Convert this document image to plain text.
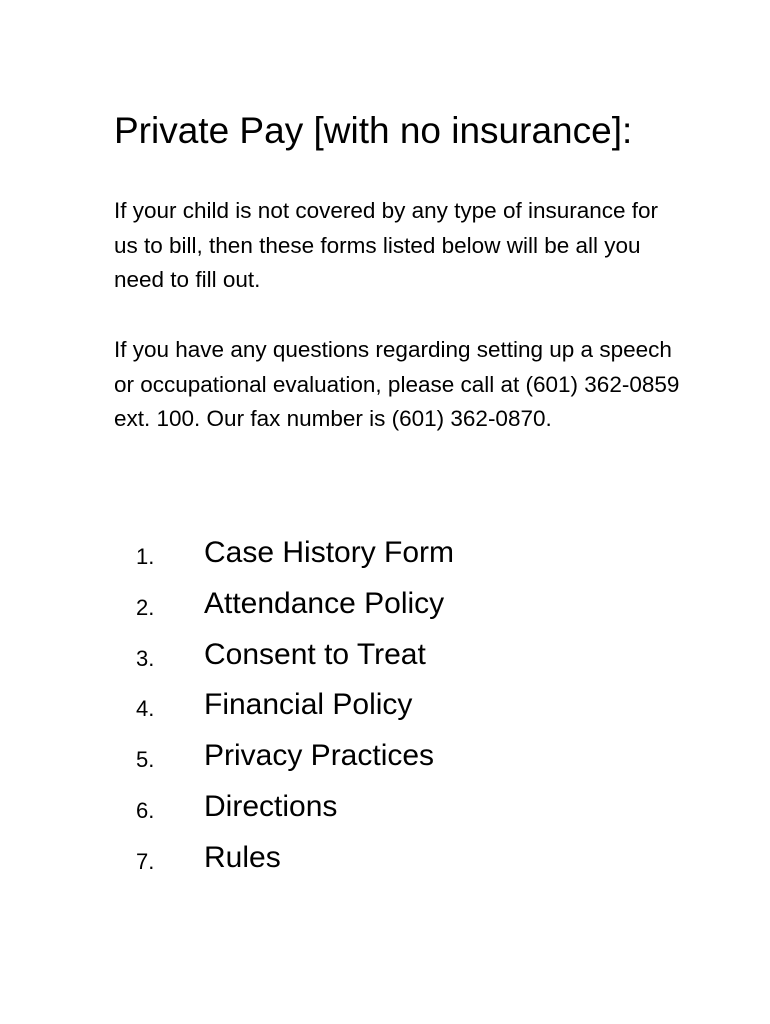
Private Pay [with no insurance]:

If your child is not covered by any type of insurance for us to bill, then these forms listed below will be all you need to fill out.

If you have any questions regarding setting up a speech or occupational evaluation, please call at (601) 362-0859 ext. 100. Our fax number is (601) 362-0870.

1. Case History Form
2. Attendance Policy
3. Consent to Treat
4. Financial Policy
5. Privacy Practices
6. Directions
7. Rules
